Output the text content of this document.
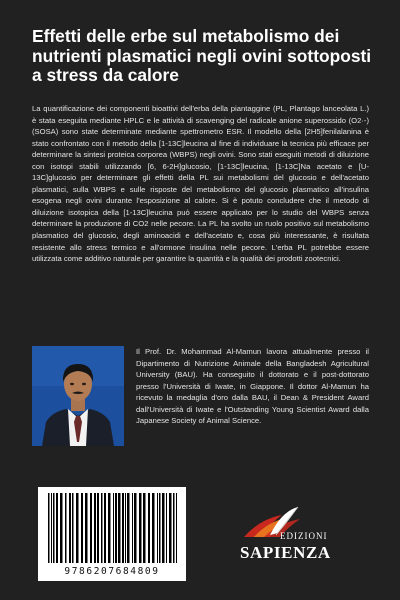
Effetti delle erbe sul metabolismo dei nutrienti plasmatici negli ovini sottoposti a stress da calore

La quantificazione dei componenti bioattivi dell'erba della piantaggine (PL, Plantago lanceolata L.) è stata eseguita mediante HPLC e le attività di scavenging del radicale anione superossido (O2·-) (SOSA) sono state determinate mediante spettrometro ESR. Il modello della [2H5]fenilalanina è stato confrontato con il metodo della [1-13C]leucina al fine di individuare la tecnica più efficace per determinare la sintesi proteica corporea (WBPS) negli ovini. Sono stati eseguiti metodi di diluizione con isotopi stabili utilizzando [6, 6-2H]glucosio, [1-13C]leucina, [1-13C]Na acetato e [U-13C]glucosio per determinare gli effetti della PL sui metabolismi del glucosio e dell'acetato plasmatici, sulla WBPS e sulle risposte del metabolismo del glucosio plasmatico all'insulina esogena negli ovini durante l'esposizione al calore. Si è potuto concludere che il metodo di diluizione isotopica della [1-13C]leucina può essere applicato per lo studio del WBPS senza determinare la produzione di CO2 nelle pecore. La PL ha svolto un ruolo positivo sul metabolismo plasmatico del glucosio, degli aminoacidi e dell'acetato e, cosa più interessante, è risultata resistente allo stress termico e all'ormone insulina nelle pecore. L'erba PL potrebbe essere utilizzata come additivo naturale per garantire la quantità e la qualità dei prodotti zootecnici.

Il Prof. Dr. Mohammad Al-Mamun lavora attualmente presso il Dipartimento di Nutrizione Animale della Bangladesh Agricultural University (BAU). Ha conseguito il dottorato e il post-dottorato presso l'Università di Iwate, in Giappone. Il dottor Al-Mamun ha ricevuto la medaglia d'oro dalla BAU, il Dean & President Award dall'Università di Iwate e l'Outstanding Young Scientist Award dalla Japanese Society of Animal Science.

9786207684809
EDIZIONI
SAPIENZA
